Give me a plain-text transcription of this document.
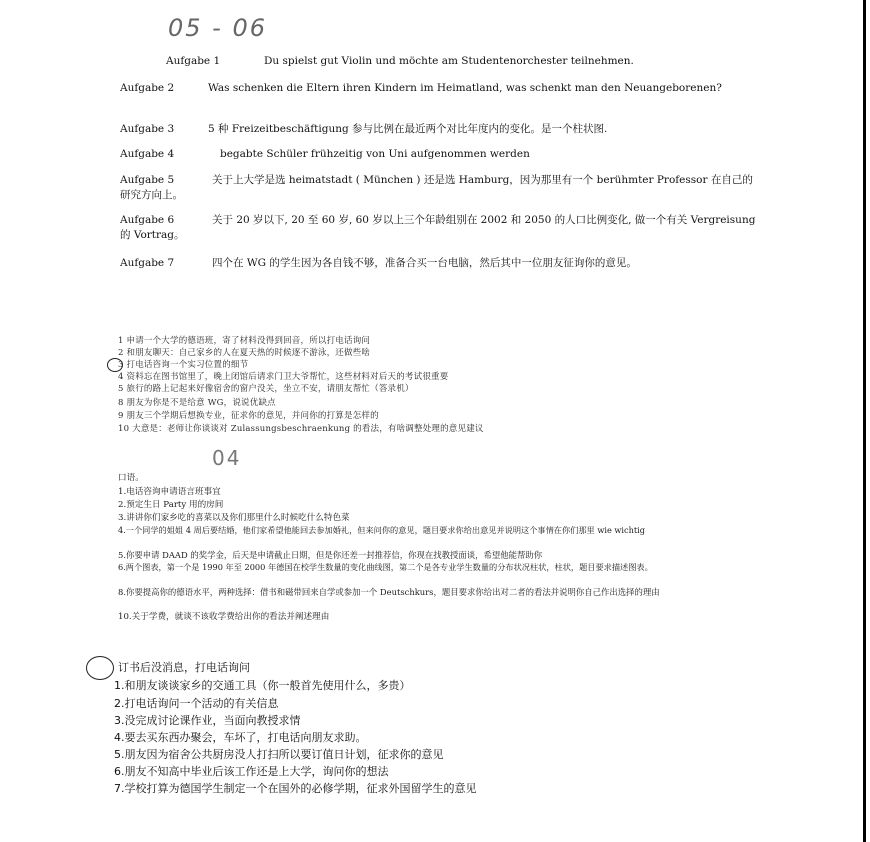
05 - 06
Aufgabe 1	Du spielst gut Violin und möchte am Studentenorchester teilnehmen.
Aufgabe 2	Was schenken die Eltern ihren Kindern im Heimatland, was schenkt man den Neuangeborenen?
Aufgabe 3	5 种 Freizeitbeschäftigung 参与比例在最近两个对比年度内的变化。是一个柱状图.
Aufgabe 4	begabte Schüler frühzeitig von Uni aufgenommen werden
Aufgabe 5	关于上大学是选 heimatstadt ( München ) 还是选 Hamburg，因为那里有一个 berühmter Professor 在自己的研究方向上。
Aufgabe 6	关于 20 岁以下, 20 至 60 岁, 60 岁以上三个年龄组别在 2002 和 2050 的人口比例变化, 做一个有关 Vergreisung 的 Vortrag。
Aufgabe 7	四个在 WG 的学生因为各自钱不够，准备合买一台电脑，然后其中一位朋友征询你的意见。
1 申请一个大学的德语班，寄了材料没得到回音，所以打电话询问
2 和朋友聊天：自己家乡的人在夏天热的时候逐不游泳，还做些啥
3 打电话咨询一个实习位置的细节
4 资料忘在图书馆里了，晚上闭馆后请求门卫大爷帮忙，这些材料对后天的考试很重要
5 旅行的路上记起来好像宿舍的窗户没关，坐立不安，请朋友帮忙（答录机）
8 朋友为你是不是给意 WG，说说优缺点
9 朋友三个学期后想换专业，征求你的意见，并问你的打算是怎样的
10 大意是：老师让你谈谈对 Zulassungsbeschraenkung 的看法，有啥调整处理的意见建议
04
口语。
1.电话咨询申请语言班事宜
2.预定生日 Party 用的房间
3.讲讲你们家乡吃的喜菜以及你们那里什么时候吃什么特色菜
4.一个同学的姐姐 4 周后要结婚，他们家希望他能回去参加婚礼，但来问你的意见，题目要求你给出意见并说明这个事情在你们那里 wie wichtig
5.你要申请 DAAD 的奖学金，后天是申请截止日期，但是你还差一封推荐信，你现在找教授面谈，希望他能帮助你
6.两个图表，第一个是 1990 年至 2000 年德国在校学生数量的变化曲线图，第二个是各专业学生数量的分布状况柱状，柱状，题目要求描述图表。
8.你要提高你的德语水平，两种选择：借书和磁带回来自学或参加一个 Deutschkurs，题目要求你给出对二者的看法并说明你自己作出选择的理由
10.关于学费，就谈不该收学费给出你的看法并阐述理由
订书后没消息，打电话询问
1.和朋友谈谈家乡的交通工具（你一般首先使用什么，多贵）
2.打电话询问一个活动的有关信息
3.没完成讨论课作业，当面向教授求情
4.要去买东西办聚会，车坏了，打电话向朋友求助。
5.朋友因为宿舍公共厨房没人打扫所以要订值日计划，征求你的意见
6.朋友不知高中毕业后该工作还是上大学，询问你的想法
7.学校打算为德国学生制定一个在国外的必修学期，征求外国留学生的意见
